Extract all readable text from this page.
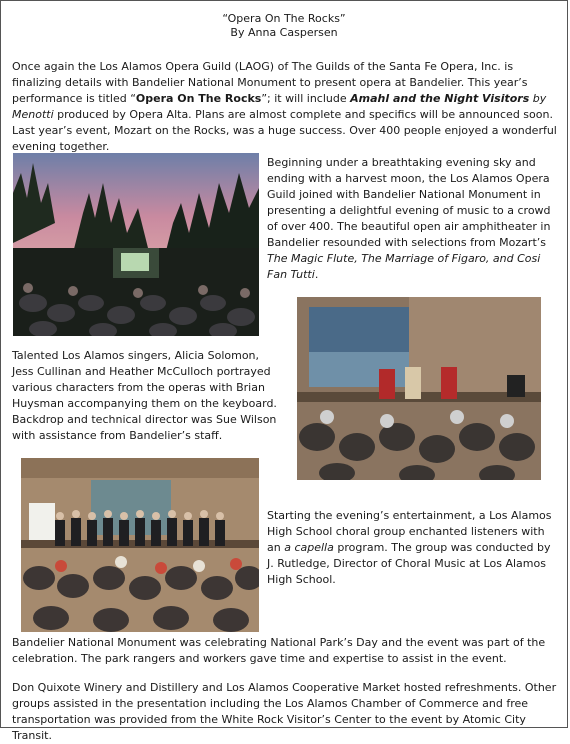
“Opera On The Rocks”
By Anna Caspersen

Once again the Los Alamos Opera Guild (LAOG) of The Guilds of the Santa Fe Opera, Inc. is finalizing details with Bandelier National Monument to present opera at Bandelier. This year’s performance is titled “Opera On The Rocks”; it will include Amahl and the Night Visitors by Menotti produced by Opera Alta. Plans are almost complete and specifics will be announced soon. Last year’s event, Mozart on the Rocks, was a huge success. Over 400 people enjoyed a wonderful evening together.

Beginning under a breathtaking evening sky and ending with a harvest moon, the Los Alamos Opera Guild joined with Bandelier National Monument in presenting a delightful evening of music to a crowd of over 400. The beautiful open air amphitheater in Bandelier resounded with selections from Mozart’s The Magic Flute, The Marriage of Figaro, and Cosi Fan Tutti.

Talented Los Alamos singers, Alicia Solomon, Jess Cullinan and Heather McCulloch portrayed various characters from the operas with Brian Huysman accompanying them on the keyboard. Backdrop and technical director was Sue Wilson with assistance from Bandelier’s staff.

Starting the evening’s entertainment, a Los Alamos High School choral group enchanted listeners with an a capella program. The group was conducted by J. Rutledge, Director of Choral Music at Los Alamos High School.

Bandelier National Monument was celebrating National Park’s Day and the event was part of the celebration. The park rangers and workers gave time and expertise to assist in the event.

Don Quixote Winery and Distillery and Los Alamos Cooperative Market hosted refreshments. Other groups assisted in the presentation including the Los Alamos Chamber of Commerce and free transportation was provided from the White Rock Visitor’s Center to the event by Atomic City Transit.
